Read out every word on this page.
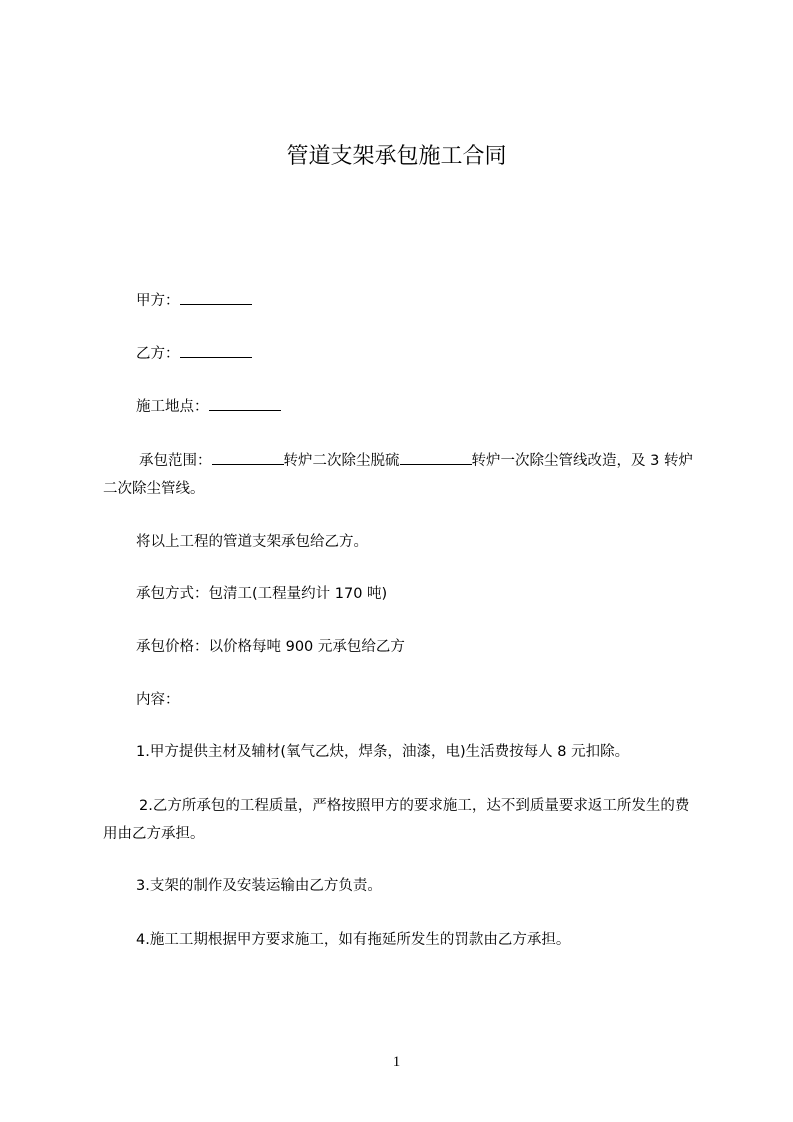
管道支架承包施工合同
甲方：
乙方：
施工地点：
承包范围：	转炉二次除尘脱硫	转炉一次除尘管线改造，及 3 转炉二次除尘管线。
将以上工程的管道支架承包给乙方。
承包方式：包清工(工程量约计 170 吨)
承包价格：以价格每吨 900 元承包给乙方
内容：
1.甲方提供主材及辅材(氧气乙炔，焊条，油漆，电)生活费按每人 8 元扣除。
2.乙方所承包的工程质量，严格按照甲方的要求施工，达不到质量要求返工所发生的费用由乙方承担。
3.支架的制作及安装运输由乙方负责。
4.施工工期根据甲方要求施工，如有拖延所发生的罚款由乙方承担。
1
